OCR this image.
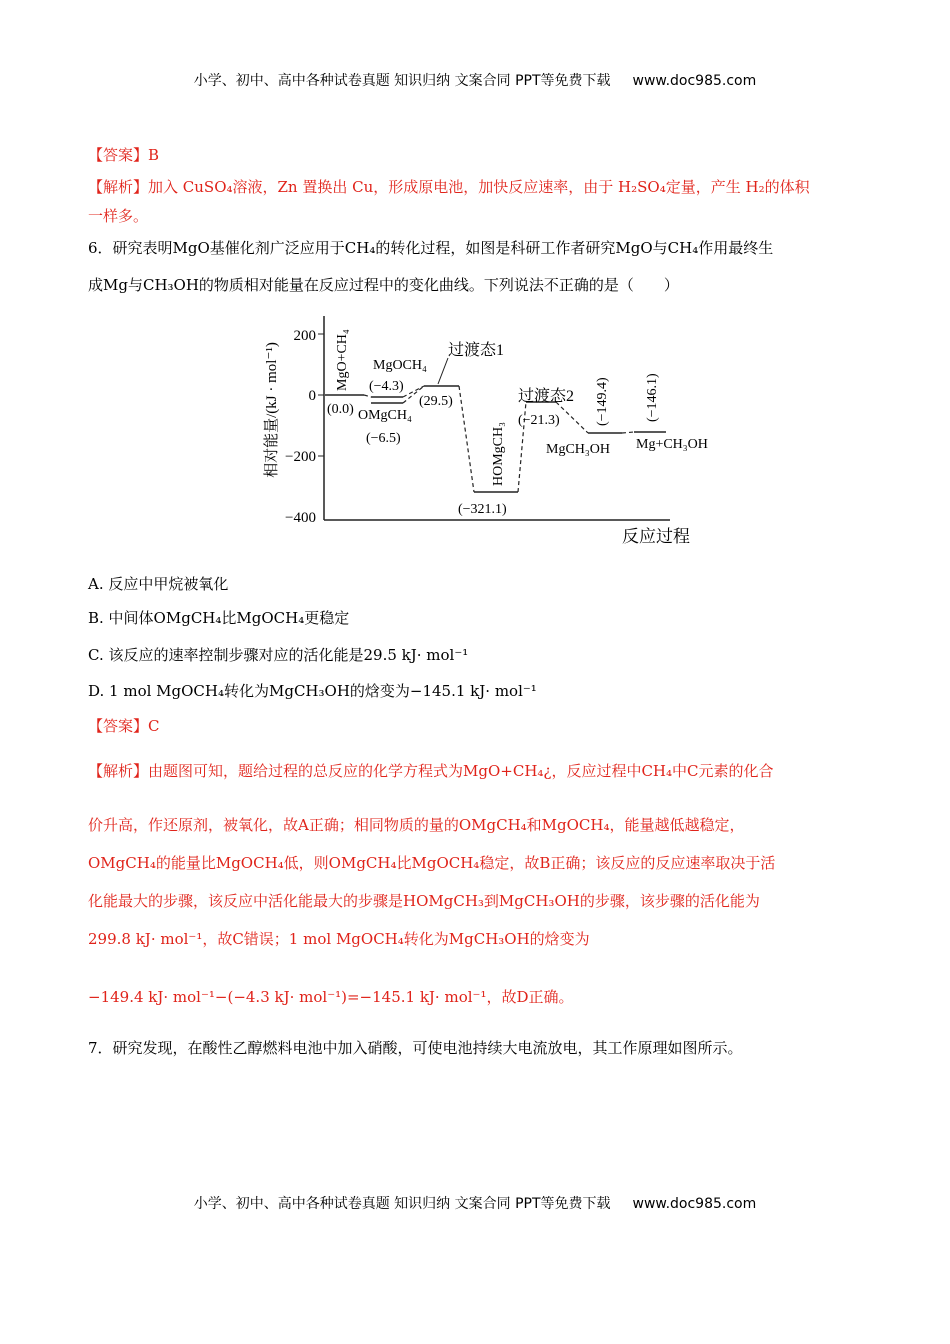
小学、初中、高中各种试卷真题 知识归纳 文案合同 PPT等免费下载 www.doc985.com
【答案】B
【解析】加入 CuSO₄溶液，Zn 置换出 Cu，形成原电池，加快反应速率，由于 H₂SO₄定量，产生 H₂的体积
一样多。
6．研究表明MgO基催化剂广泛应用于CH₄的转化过程，如图是科研工作者研究MgO与CH₄作用最终生
成Mg与CH₃OH的物质相对能量在反应过程中的变化曲线。下列说法不正确的是（　　）
200
0
−200
−400
相对能量/(kJ · mol⁻¹)
反应过程
MgO+CH₄
(0.0)
MgOCH₄
(−4.3)
OMgCH₄
(−6.5)
过渡态1
(29.5)
HOMgCH₃
(−321.1)
过渡态2
(−21.3)
MgCH₃OH
(−149.4)
Mg+CH₃OH
(−146.1)
A. 反应中甲烷被氧化
B. 中间体OMgCH₄比MgOCH₄更稳定
C. 该反应的速率控制步骤对应的活化能是29.5 kJ· mol⁻¹
D. 1 mol MgOCH₄转化为MgCH₃OH的焓变为−145.1 kJ· mol⁻¹
【答案】C
【解析】由题图可知，题给过程的总反应的化学方程式为MgO+CH₄¿，反应过程中CH₄中C元素的化合
价升高，作还原剂，被氧化，故A正确；相同物质的量的OMgCH₄和MgOCH₄，能量越低越稳定，
OMgCH₄的能量比MgOCH₄低，则OMgCH₄比MgOCH₄稳定，故B正确；该反应的反应速率取决于活
化能最大的步骤，该反应中活化能最大的步骤是HOMgCH₃到MgCH₃OH的步骤，该步骤的活化能为
299.8 kJ· mol⁻¹，故C错误；1 mol MgOCH₄转化为MgCH₃OH的焓变为
−149.4 kJ· mol⁻¹−(−4.3 kJ· mol⁻¹)=−145.1 kJ· mol⁻¹，故D正确。
7．研究发现，在酸性乙醇燃料电池中加入硝酸，可使电池持续大电流放电，其工作原理如图所示。
小学、初中、高中各种试卷真题 知识归纳 文案合同 PPT等免费下载 www.doc985.com
